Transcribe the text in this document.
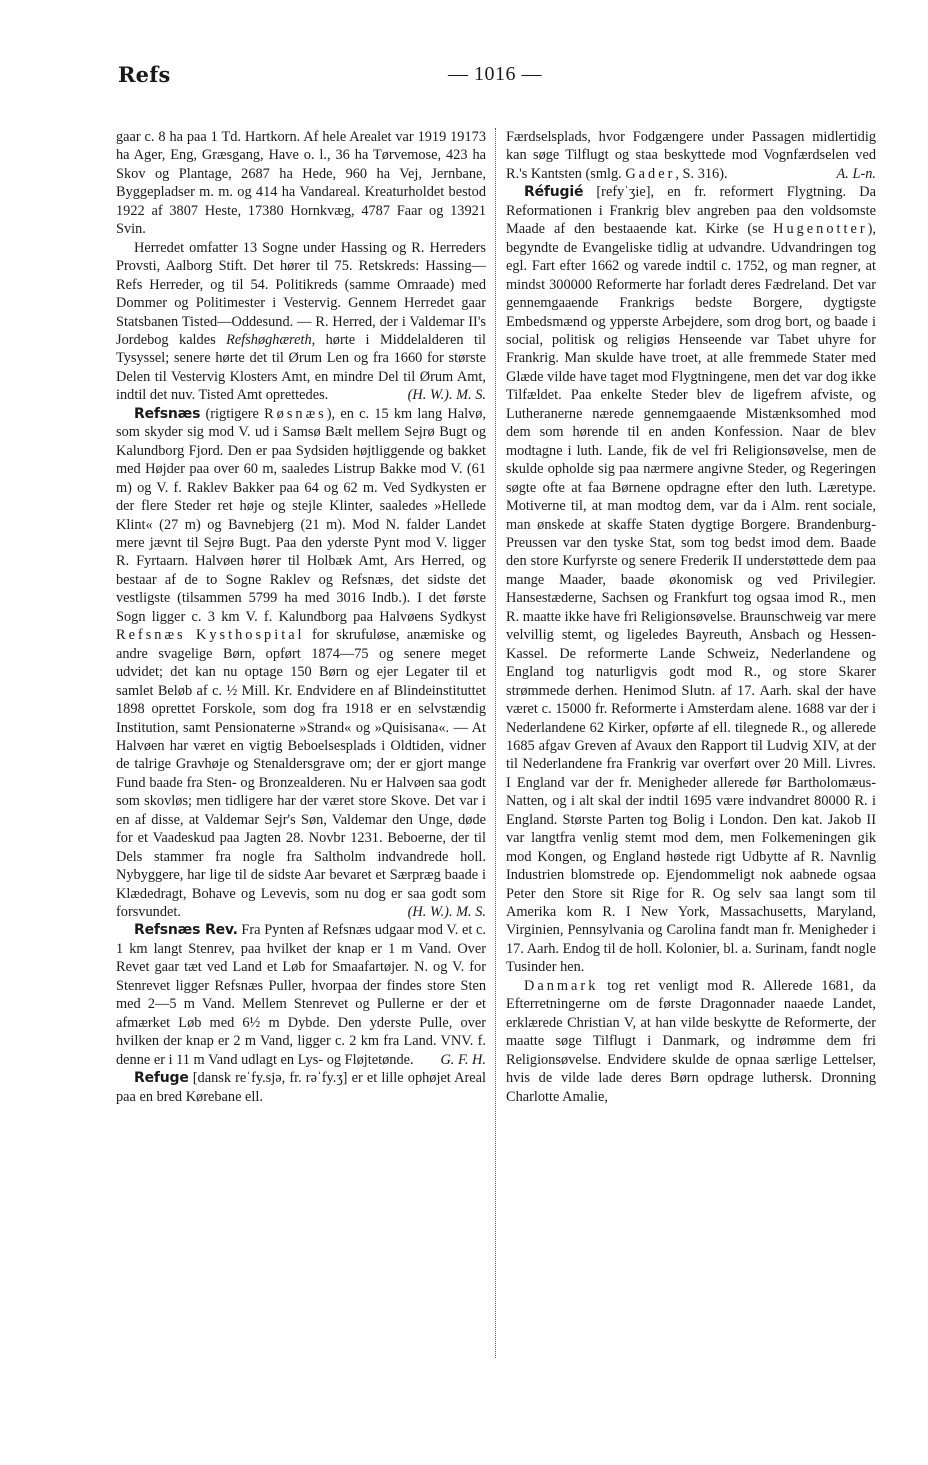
Refs	— 1016 —

gaar c. 8 ha paa 1 Td. Hartkorn. Af hele Arealet var 1919 19173 ha Ager, Eng, Græsgang, Have o. l., 36 ha Tørvemose, 423 ha Skov og Plantage, 2687 ha Hede, 960 ha Vej, Jernbane, Byggepladser m. m. og 414 ha Vandareal. Kreaturholdet bestod 1922 af 3807 Heste, 17380 Hornkvæg, 4787 Faar og 13921 Svin.

Herredet omfatter 13 Sogne under Hassing og R. Herreders Provsti, Aalborg Stift. Det hører til 75. Retskreds: Hassing—Refs Herreder, og til 54. Politikreds (samme Omraade) med Dommer og Politimester i Vestervig. Gennem Herredet gaar Statsbanen Tisted—Oddesund. — R. Herred, der i Valdemar II's Jordebog kaldes Refshøghæreth, hørte i Middelalderen til Tysyssel; senere hørte det til Ørum Len og fra 1660 for største Delen til Vestervig Klosters Amt, en mindre Del til Ørum Amt, indtil det nuv. Tisted Amt oprettedes.	(H. W.). M. S.

Refsnæs (rigtigere Røsnæs), en c. 15 km lang Halvø, som skyder sig mod V. ud i Samsø Bælt mellem Sejrø Bugt og Kalundborg Fjord. Den er paa Sydsiden højtliggende og bakket med Højder paa over 60 m, saaledes Listrup Bakke mod V. (61 m) og V. f. Raklev Bakker paa 64 og 62 m. Ved Sydkysten er der flere Steder ret høje og stejle Klinter, saaledes »Hellede Klint« (27 m) og Bavnebjerg (21 m). Mod N. falder Landet mere jævnt til Sejrø Bugt. Paa den yderste Pynt mod V. ligger R. Fyrtaarn. Halvøen hører til Holbæk Amt, Ars Herred, og bestaar af de to Sogne Raklev og Refsnæs, det sidste det vestligste (tilsammen 5799 ha med 3016 Indb.). I det første Sogn ligger c. 3 km V. f. Kalundborg paa Halvøens Sydkyst Refsnæs Kysthospital for skrufuløse, anæmiske og andre svagelige Børn, opført 1874—75 og senere meget udvidet; det kan nu optage 150 Børn og ejer Legater til et samlet Beløb af c. ½ Mill. Kr. Endvidere en af Blindeinstituttet 1898 oprettet Forskole, som dog fra 1918 er en selvstændig Institution, samt Pensionaterne »Strand« og »Quisisana«. — At Halvøen har været en vigtig Beboelsesplads i Oldtiden, vidner de talrige Gravhøje og Stenaldersgrave om; der er gjort mange Fund baade fra Sten- og Bronzealderen. Nu er Halvøen saa godt som skovløs; men tidligere har der været store Skove. Det var i en af disse, at Valdemar Sejr's Søn, Valdemar den Unge, døde for et Vaadeskud paa Jagten 28. Novbr 1231. Beboerne, der til Dels stammer fra nogle fra Saltholm indvandrede holl. Nybyggere, har lige til de sidste Aar bevaret et Særpræg baade i Klædedragt, Bohave og Levevis, som nu dog er saa godt som forsvundet.	(H. W.). M. S.

Refsnæs Rev. Fra Pynten af Refsnæs udgaar mod V. et c. 1 km langt Stenrev, paa hvilket der knap er 1 m Vand. Over Revet gaar tæt ved Land et Løb for Smaafartøjer. N. og V. for Stenrevet ligger Refsnæs Puller, hvorpaa der findes store Sten med 2—5 m Vand. Mellem Stenrevet og Pullerne er der et afmærket Løb med 6½ m Dybde. Den yderste Pulle, over hvilken der knap er 2 m Vand, ligger c. 2 km fra Land. VNV. f. denne er i 11 m Vand udlagt en Lys- og Fløjtetønde.	G. F. H.

Refuge [dansk reˈfy.sjə, fr. rəˈfy.ʒ] er et lille ophøjet Areal paa en bred Kørebane ell.

Færdselsplads, hvor Fodgængere under Passagen midlertidig kan søge Tilflugt og staa beskyttede mod Vognfærdselen ved R.'s Kantsten (smlg. Gader, S. 316).	A. L-n.

Réfugié [refyˈʒie], en fr. reformert Flygtning. Da Reformationen i Frankrig blev angreben paa den voldsomste Maade af den bestaaende kat. Kirke (se Hugenotter), begyndte de Evangeliske tidlig at udvandre. Udvandringen tog egl. Fart efter 1662 og varede indtil c. 1752, og man regner, at mindst 300000 Reformerte har forladt deres Fædreland. Det var gennemgaaende Frankrigs bedste Borgere, dygtigste Embedsmænd og ypperste Arbejdere, som drog bort, og baade i social, politisk og religiøs Henseende var Tabet uhyre for Frankrig. Man skulde have troet, at alle fremmede Stater med Glæde vilde have taget mod Flygtningene, men det var dog ikke Tilfældet. Paa enkelte Steder blev de ligefrem afviste, og Lutheranerne nærede gennemgaaende Mistænksomhed mod dem som hørende til en anden Konfession. Naar de blev modtagne i luth. Lande, fik de vel fri Religionsøvelse, men de skulde opholde sig paa nærmere angivne Steder, og Regeringen søgte ofte at faa Børnene opdragne efter den luth. Læretype. Motiverne til, at man modtog dem, var da i Alm. rent sociale, man ønskede at skaffe Staten dygtige Borgere. Brandenburg-Preussen var den tyske Stat, som tog bedst imod dem. Baade den store Kurfyrste og senere Frederik II understøttede dem paa mange Maader, baade økonomisk og ved Privilegier. Hansestæderne, Sachsen og Frankfurt tog ogsaa imod R., men R. maatte ikke have fri Religionsøvelse. Braunschweig var mere velvillig stemt, og ligeledes Bayreuth, Ansbach og Hessen-Kassel. De reformerte Lande Schweiz, Nederlandene og England tog naturligvis godt mod R., og store Skarer strømmede derhen. Henimod Slutn. af 17. Aarh. skal der have været c. 15000 fr. Reformerte i Amsterdam alene. 1688 var der i Nederlandene 62 Kirker, opførte af ell. tilegnede R., og allerede 1685 afgav Greven af Avaux den Rapport til Ludvig XIV, at der til Nederlandene fra Frankrig var overført over 20 Mill. Livres. I England var der fr. Menigheder allerede før Bartholomæus-Natten, og i alt skal der indtil 1695 være indvandret 80000 R. i England. Største Parten tog Bolig i London. Den kat. Jakob II var langtfra venlig stemt mod dem, men Folkemeningen gik mod Kongen, og England høstede rigt Udbytte af R. Navnlig Industrien blomstrede op. Ejendommeligt nok aabnede ogsaa Peter den Store sit Rige for R. Og selv saa langt som til Amerika kom R. I New York, Massachusetts, Maryland, Virginien, Pennsylvania og Carolina fandt man fr. Menigheder i 17. Aarh. Endog til de holl. Kolonier, bl. a. Surinam, fandt nogle Tusinder hen.

Danmark tog ret venligt mod R. Allerede 1681, da Efterretningerne om de første Dragonnader naaede Landet, erklærede Christian V, at han vilde beskytte de Reformerte, der maatte søge Tilflugt i Danmark, og indrømme dem fri Religionsøvelse. Endvidere skulde de opnaa særlige Lettelser, hvis de vilde lade deres Børn opdrage luthersk. Dronning Charlotte Amalie,
